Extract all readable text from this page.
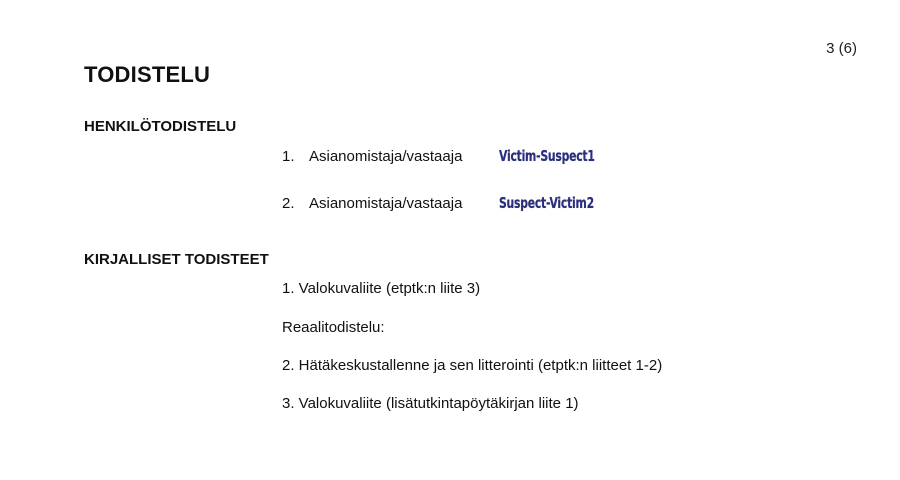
3 (6)
TODISTELU
HENKILÖTODISTELU
1. Asianomistaja/vastaaja	Victim-Suspect1
2. Asianomistaja/vastaaja	Suspect-Victim2
KIRJALLISET TODISTEET

1. Valokuvaliite (etptk:n liite 3)

Reaalitodistelu:

2. Hätäkeskustallenne ja sen litterointi (etptk:n liitteet 1-2)

3. Valokuvaliite (lisätutkintapöytäkirjan liite 1)
